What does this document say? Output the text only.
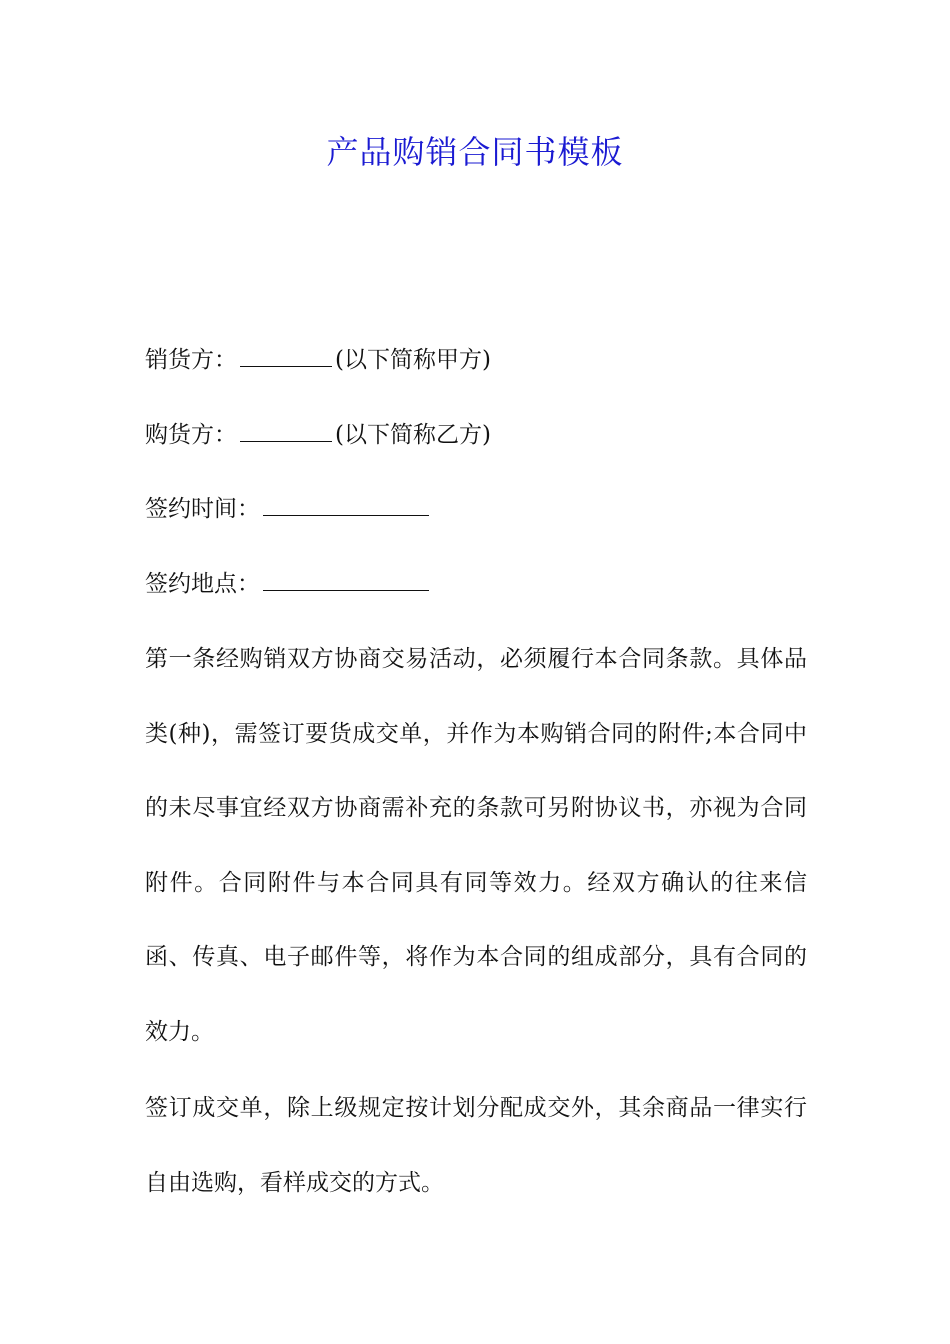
产品购销合同书模板
销货方：	(以下简称甲方)
购货方：	(以下简称乙方)
签约时间：
签约地点：
第一条经购销双方协商交易活动，必须履行本合同条款。具体品类(种)，需签订要货成交单，并作为本购销合同的附件;本合同中的未尽事宜经双方协商需补充的条款可另附协议书，亦视为合同附件。合同附件与本合同具有同等效力。经双方确认的往来信函、传真、电子邮件等，将作为本合同的组成部分，具有合同的效力。
签订成交单，除上级规定按计划分配成交外，其余商品一律实行自由选购，看样成交的方式。
